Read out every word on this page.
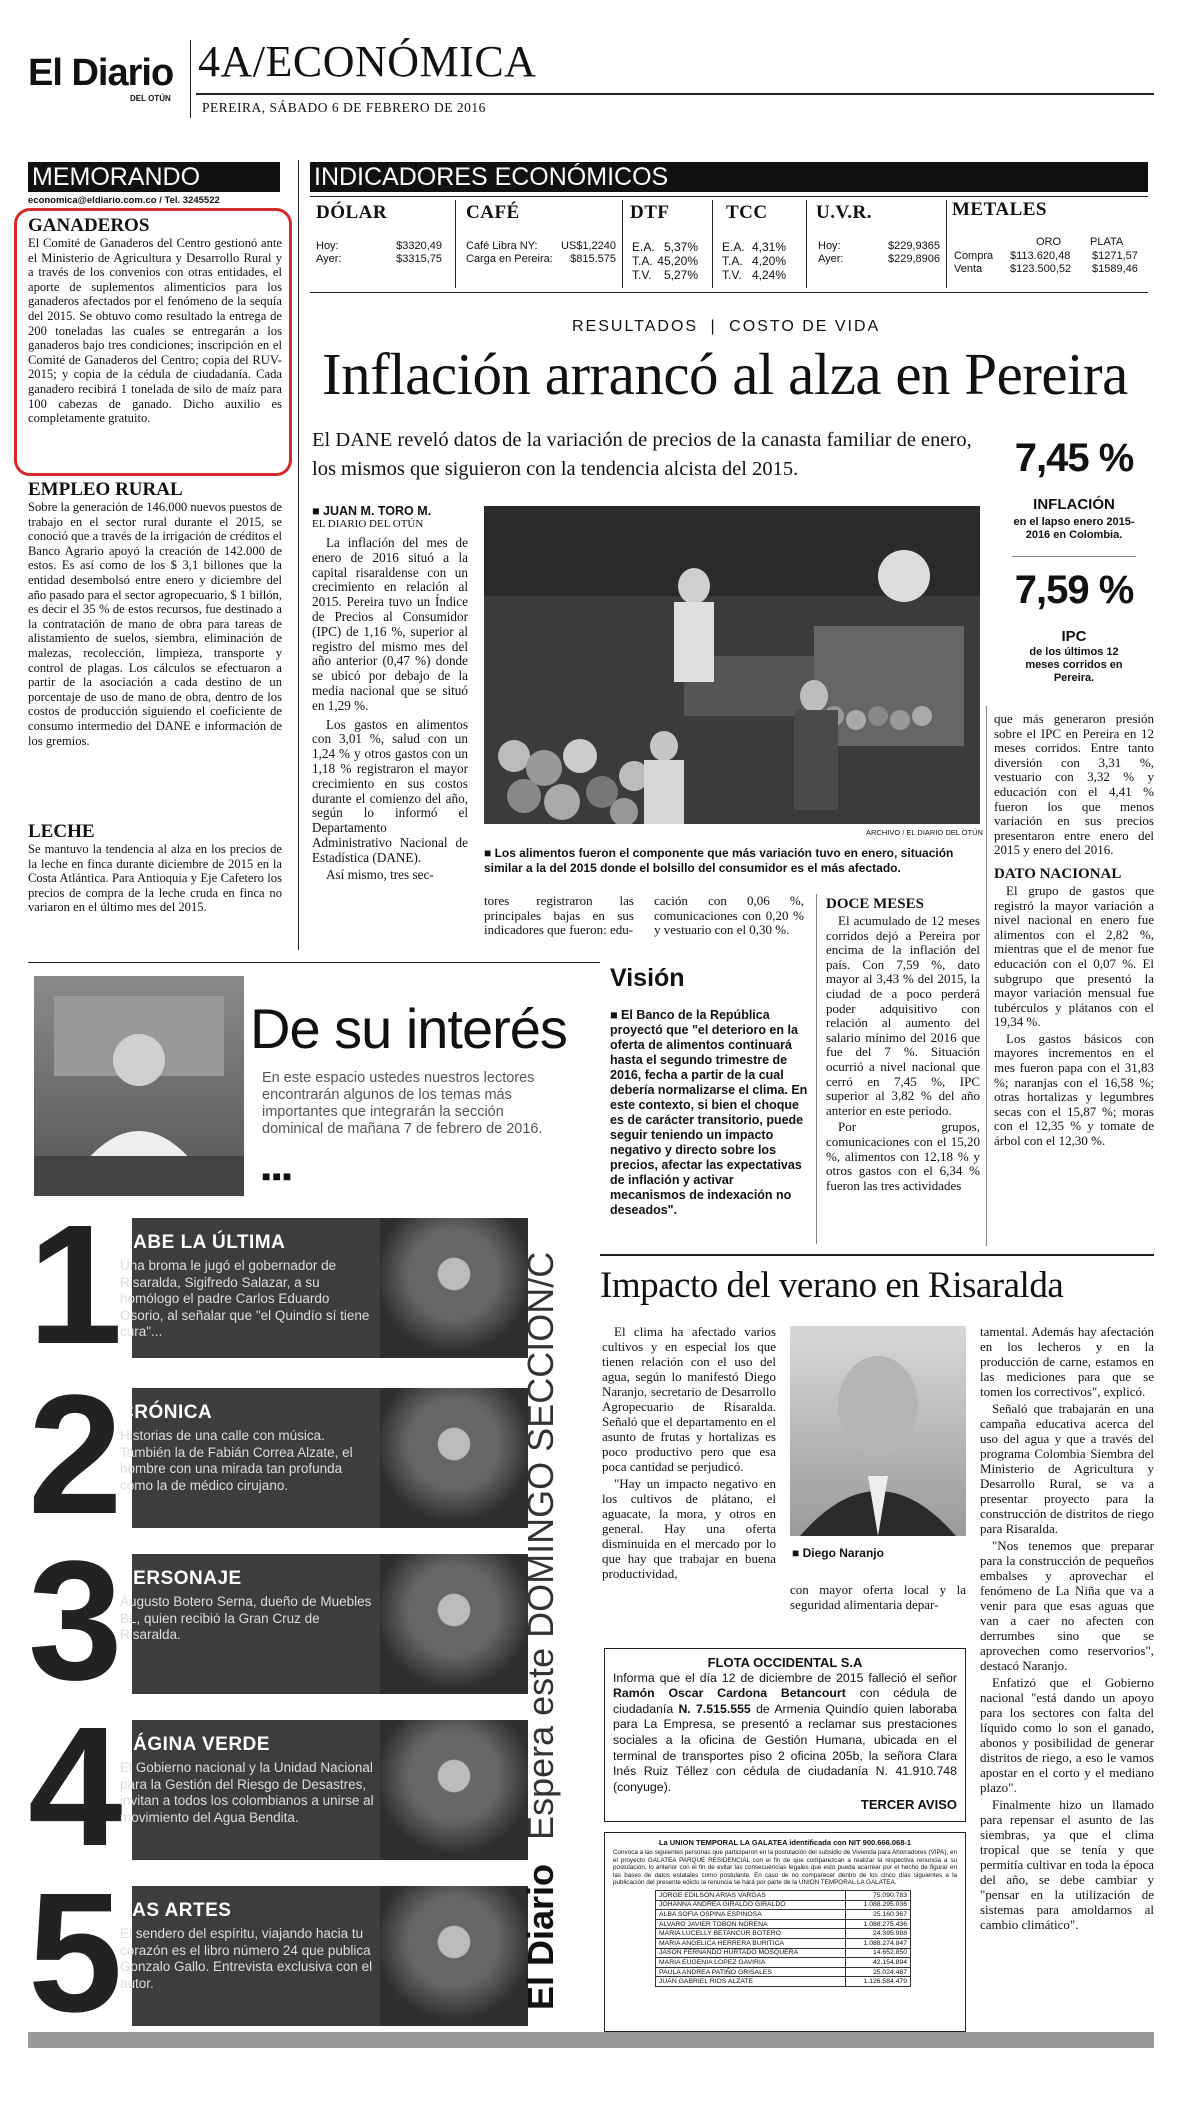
El Diario
DEL OTÚN
4A/ECONÓMICA
PEREIRA, SÁBADO 6 DE FEBRERO DE 2016
MEMORANDO
economica@eldiario.com.co / Tel. 3245522
GANADEROS

El Comité de Ganaderos del Centro gestionó ante el Ministerio de Agricultura y Desarrollo Rural y a través de los convenios con otras entidades, el aporte de suplementos alimenticios para los ganaderos afectados por el fenómeno de la sequía del 2015. Se obtuvo como resultado la entrega de 200 toneladas las cuales se entregarán a los ganaderos bajo tres condiciones; inscripción en el Comité de Ganaderos del Centro; copia del RUV-2015; y copia de la cédula de ciudadanía. Cada ganadero recibirá 1 tonelada de silo de maíz para 100 cabezas de ganado. Dicho auxilio es completamente gratuito.

EMPLEO RURAL

Sobre la generación de 146.000 nuevos puestos de trabajo en el sector rural durante el 2015, se conoció que a través de la irrigación de créditos el Banco Agrario apoyó la creación de 142.000 de estos. Es así como de los $ 3,1 billones que la entidad desembolsó entre enero y diciembre del año pasado para el sector agropecuario, $ 1 billón, es decir el 35 % de estos recursos, fue destinado a la contratación de mano de obra para tareas de alistamiento de suelos, siembra, eliminación de malezas, recolección, limpieza, transporte y control de plagas. Los cálculos se efectuaron a partir de la asociación a cada destino de un porcentaje de uso de mano de obra, dentro de los costos de producción siguiendo el coeficiente de consumo intermedio del DANE e información de los gremios.

LECHE

Se mantuvo la tendencia al alza en los precios de la leche en finca durante diciembre de 2015 en la Costa Atlántica. Para Antioquia y Eje Cafetero los precios de compra de la leche cruda en finca no variaron en el último mes del 2015.

INDICADORES ECONÓMICOS
DÓLAR
Hoy:	$3320,49
Ayer:	$3315,75
CAFÉ
Café Libra NY: US$1,2240
Carga en Pereira: $815.575
DTF
E.A. 5,37%
T.A. 45,20%
T.V. 5,27%
TCC
E.A. 4,31%
T.A. 4,20%
T.V. 4,24%
U.V.R.
Hoy:	$229,9365
Ayer:	$229,8906
METALES
ORO	PLATA
Compra	$113.620,48	$1271,57
Venta	$123.500,52	$1589,46
RESULTADOS | COSTO DE VIDA
Inflación arrancó al alza en Pereira
El DANE reveló datos de la variación de precios de la canasta familiar de enero, los mismos que siguieron con la tendencia alcista del 2015.	7,45 %
INFLACIÓN
en el lapso enero 2015-2016 en Colombia.
7,59 %
IPC
de los últimos 12 meses corridos en Pereira.
■ JUAN M. TORO M.
EL DIARIO DEL OTÚN

La inflación del mes de enero de 2016 situó a la capital risaraldense con un crecimiento en relación al 2015. Pereira tuvo un Índice de Precios al Consumidor (IPC) de 1,16 %, superior al registro del mismo mes del año anterior (0,47 %) donde se ubicó por debajo de la media nacional que se situó en 1,29 %.

Los gastos en alimentos con 3,01 %, salud con un 1,24 % y otros gastos con un 1,18 % registraron el mayor crecimiento en sus costos durante el comienzo del año, según lo informó el Departamento Administrativo Nacional de Estadística (DANE).

Así mismo, tres sec-

ARCHIVO / EL DIARIO DEL OTÚN
■ Los alimentos fueron el componente que más variación tuvo en enero, situación similar a la del 2015 donde el bolsillo del consumidor es el más afectado.

tores registraron las principales bajas en sus indicadores que fueron: edu-

cación con 0,06 %, comunicaciones con 0,20 % y vestuario con el 0,30 %.

que más generaron presión sobre el IPC en Pereira en 12 meses corridos. Entre tanto diversión con 3,31 %, vestuario con 3,32 % y educación con el 4,41 % fueron los que menos variación en sus precios presentaron entre enero del 2015 y enero del 2016.

DATO NACIONAL

El grupo de gastos que registró la mayor variación a nivel nacional en enero fue alimentos con el 2,82 %, mientras que el de menor fue educación con el 0,07 %. El subgrupo que presentó la mayor variación mensual fue tubérculos y plátanos con el 19,34 %.

Los gastos básicos con mayores incrementos en el mes fueron papa con el 31,83 %; naranjas con el 16,58 %; otras hortalizas y legumbres secas con el 15,87 %; moras con el 12,35 % y tomate de árbol con el 12,30 %.

DOCE MESES

El acumulado de 12 meses corridos dejó a Pereira por encima de la inflación del país. Con 7,59 %, dato mayor al 3,43 % del 2015, la ciudad de a poco perderá poder adquisitivo con relación al aumento del salario mínimo del 2016 que fue del 7 %. Situación ocurrió a nivel nacional que cerró en 7,45 %, IPC superior al 3,82 % del año anterior en este periodo.

Por grupos, comunicaciones con el 15,20 %, alimentos con 12,18 % y otros gastos con el 6,34 % fueron las tres actividades

Visión
■ El Banco de la República proyectó que "el deterioro en la oferta de alimentos continuará hasta el segundo trimestre de 2016, fecha a partir de la cual debería normalizarse el clima. En este contexto, si bien el choque es de carácter transitorio, puede seguir teniendo un impacto negativo y directo sobre los precios, afectar las expectativas de inflación y activar mecanismos de indexación no deseados".
De su interés
En este espacio ustedes nuestros lectores encontrarán algunos de los temas más importantes que integrarán la sección dominical de mañana 7 de febrero de 2016.
■■■
1
SABE LA ÚLTIMA
Una broma le jugó el gobernador de Risaralda, Sigifredo Salazar, a su homólogo el padre Carlos Eduardo Osorio, al señalar que "el Quindío sí tiene cura"...
2
CRÓNICA
Historias de una calle con música. También la de Fabián Correa Alzate, el hombre con una mirada tan profunda como la de médico cirujano.
3
PERSONAJE
Augusto Botero Serna, dueño de Muebles BL, quien recibió la Gran Cruz de Risaralda.
4
PÁGINA VERDE
El Gobierno nacional y la Unidad Nacional para la Gestión del Riesgo de Desastres, invitan a todos los colombianos a unirse al movimiento del Agua Bendita.
5
LAS ARTES
El sendero del espíritu, viajando hacia tu corazón es el libro número 24 que publica Gonzalo Gallo. Entrevista exclusiva con el autor.	El Diario Espera este DOMINGO SECCIÓN/C Impacto del verano en Risaralda

El clima ha afectado varios cultivos y en especial los que tienen relación con el uso del agua, según lo manifestó Diego Naranjo, secretario de Desarrollo Agropecuario de Risaralda. Señaló que el departamento en el asunto de frutas y hortalizas es poco productivo pero que esa poca cantidad se perjudicó.

"Hay un impacto negativo en los cultivos de plátano, el aguacate, la mora, y otros en general. Hay una oferta disminuida en el mercado por lo que hay que trabajar en buena productividad,

■ Diego Naranjo

con mayor oferta local y la seguridad alimentaria depar-

tamental. Además hay afectación en los lecheros y en la producción de carne, estamos en las mediciones para que se tomen los correctivos", explicó.

Señaló que trabajarán en una campaña educativa acerca del uso del agua y que a través del programa Colombia Siembra del Ministerio de Agricultura y Desarrollo Rural, se va a presentar proyecto para la construcción de distritos de riego para Risaralda.

"Nos tenemos que preparar para la construcción de pequeños embalses y aprovechar el fenómeno de La Niña que va a venir para que esas aguas que van a caer no afecten con derrumbes sino que se aprovechen como reservorios", destacó Naranjo.

Enfatizó que el Gobierno nacional "está dando un apoyo para los sectores con falta del líquido como lo son el ganado, abonos y posibilidad de generar distritos de riego, a eso le vamos apostar en el corto y el mediano plazo".

Finalmente hizo un llamado para repensar el asunto de las siembras, ya que el clima tropical que se tenía y que permitía cultivar en toda la época del año, se debe cambiar y "pensar en la utilización de sistemas para amoldarnos al cambio climático".

FLOTA OCCIDENTAL S.A
Informa que el día 12 de diciembre de 2015 falleció el señor Ramón Oscar Cardona Betancourt con cédula de ciudadanía N. 7.515.555 de Armenia Quindío quien laboraba para La Empresa, se presentó a reclamar sus prestaciones sociales a la oficina de Gestión Humana, ubicada en el terminal de transportes piso 2 oficina 205b, la señora Clara Inés Ruiz Téllez con cédula de ciudadanía N. 41.910.748 (conyuge).
TERCER AVISO
La UNION TEMPORAL LA GALATEA identificada con NIT 900.666.068-1
Convoca a las siguientes personas que participaron en la postulación del subsidio de Vivienda para Ahorradores (VIPA), en el proyecto GALATEA PARQUE RESIDENCIAL con el fin de que comparezcan a realizar la respectiva renuncia a su postulación, lo anterior con el fin de evitar las consecuencias legales que esto pueda acarrear por el hecho de figurar en las bases de datos estatales como postulante. En caso de no comparecer dentro de los cinco días siguientes a la publicación del presente edicto la renuncia se hará por parte de la UNION TEMPORAL LA GALATEA.
JORGE EDILSON ARIAS VARGAS	75.090.783
JOHANNA ANDREA GIRALDO GIRALDO	1.088.295.036
ALBA SOFIA OSPINA ESPINOSA	25.160.367
ALVARO JAVIER TOBON NORENA	1.088.275.436
MARIA LUCELLY BETANCUR BOTERO	24.395.988
MARIA ANGELICA HERRERA BURITICA	1.088.274.847
JASON FERNANDO HURTADO MOSQUERA	14.652.850
MARIA EUGENIA LOPEZ GAVIRIA	42.154.894
PAULA ANDREA PATIÑO GRISALES	25.024.487
JUAN GABRIEL RIOS ALZATE	1.126.584.479
